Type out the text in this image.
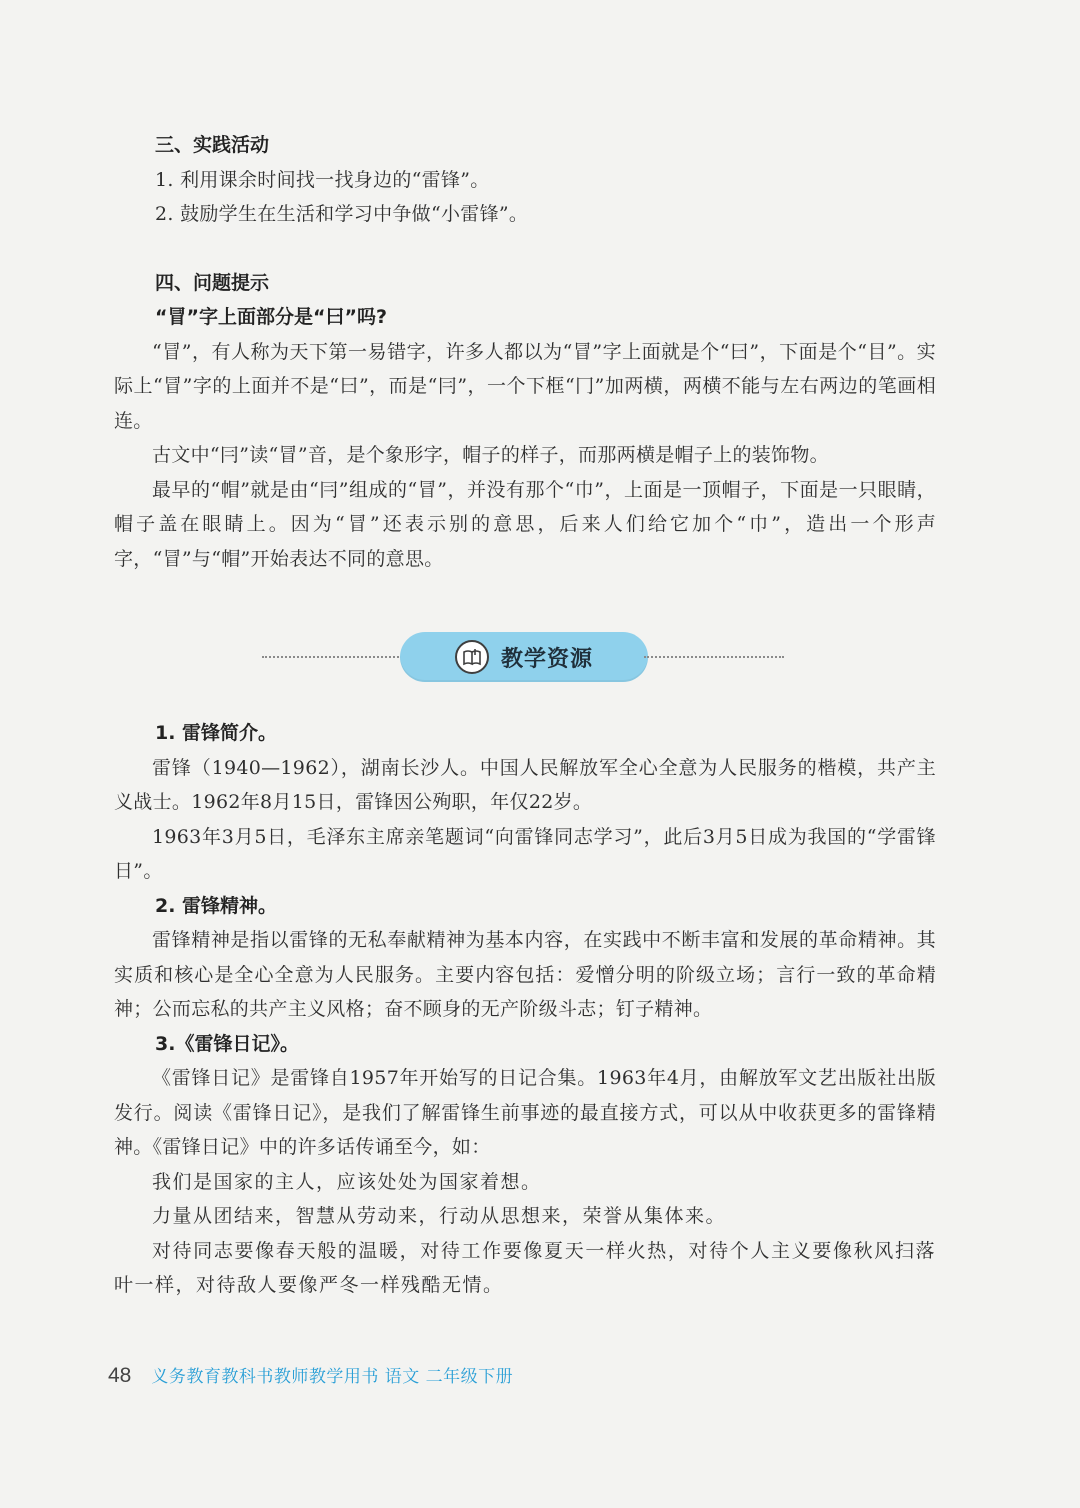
三、实践活动

1. 利用课余时间找一找身边的“雷锋”。

2. 鼓励学生在生活和学习中争做“小雷锋”。

四、问题提示

“冒”字上面部分是“曰”吗?

“冒”，有人称为天下第一易错字，许多人都以为“冒”字上面就是个“曰”，下面是个“目”。实际上“冒”字的上面并不是“曰”，而是“冃”，一个下框“冂”加两横，两横不能与左右两边的笔画相连。

古文中“冃”读“冒”音，是个象形字，帽子的样子，而那两横是帽子上的装饰物。

最早的“帽”就是由“冃”组成的“冒”，并没有那个“巾”，上面是一顶帽子，下面是一只眼睛，帽子盖在眼睛上。因为“冒”还表示别的意思，后来人们给它加个“巾”，造出一个形声字，“冒”与“帽”开始表达不同的意思。

教学资源

1. 雷锋简介。

雷锋（1940—1962），湖南长沙人。中国人民解放军全心全意为人民服务的楷模，共产主义战士。1962年8月15日，雷锋因公殉职，年仅22岁。

1963年3月5日，毛泽东主席亲笔题词“向雷锋同志学习”，此后3月5日成为我国的“学雷锋日”。

2. 雷锋精神。

雷锋精神是指以雷锋的无私奉献精神为基本内容，在实践中不断丰富和发展的革命精神。其实质和核心是全心全意为人民服务。主要内容包括：爱憎分明的阶级立场；言行一致的革命精神；公而忘私的共产主义风格；奋不顾身的无产阶级斗志；钉子精神。

3.《雷锋日记》。

《雷锋日记》是雷锋自1957年开始写的日记合集。1963年4月，由解放军文艺出版社出版发行。阅读《雷锋日记》，是我们了解雷锋生前事迹的最直接方式，可以从中收获更多的雷锋精神。《雷锋日记》中的许多话传诵至今，如：

我们是国家的主人，应该处处为国家着想。

力量从团结来，智慧从劳动来，行动从思想来，荣誉从集体来。

对待同志要像春天般的温暖，对待工作要像夏天一样火热，对待个人主义要像秋风扫落叶一样，对待敌人要像严冬一样残酷无情。

48 义务教育教科书教师教学用书 语文 二年级下册
